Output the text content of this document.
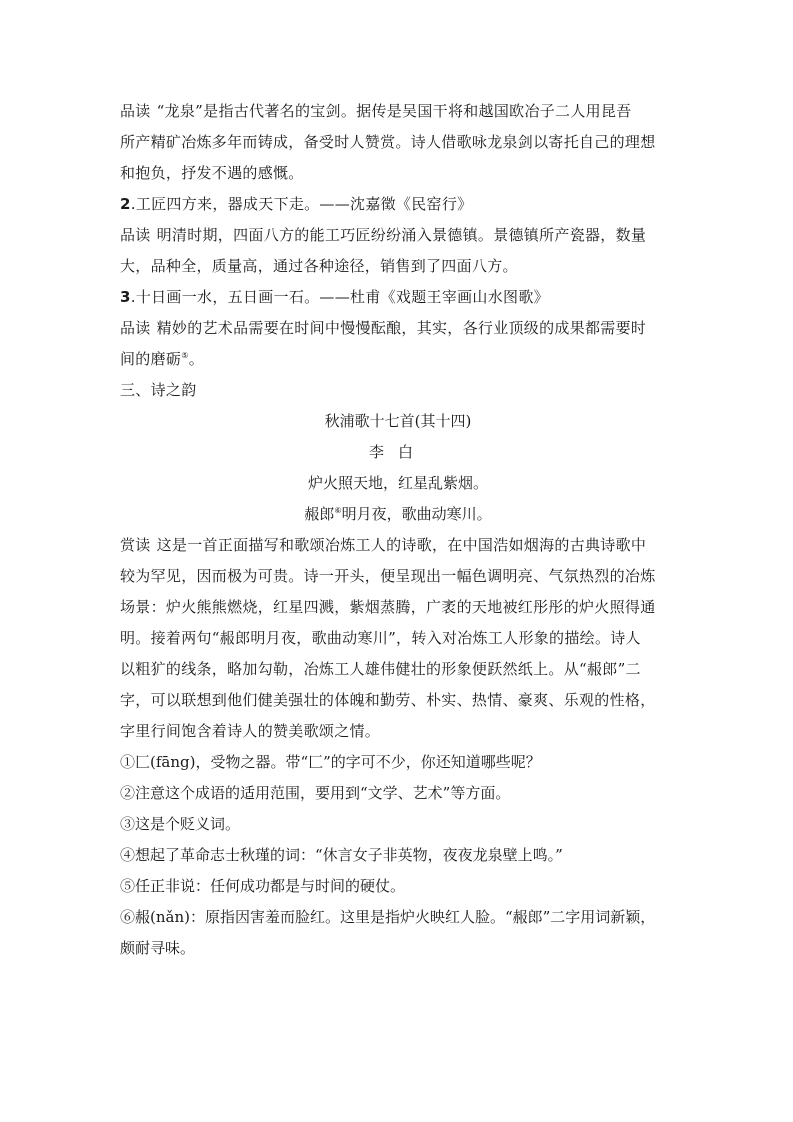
品读 “龙泉”是指古代著名的宝剑。据传是吴国干将和越国欧冶子二人用昆吾
所产精矿冶炼多年而铸成，备受时人赞赏。诗人借歌咏龙泉剑以寄托自己的理想
和抱负，抒发不遇的感慨。

2.工匠四方来，器成天下走。——沈嘉徵《民窑行》

品读 明清时期，四面八方的能工巧匠纷纷涌入景德镇。景德镇所产瓷器，数量
大，品种全，质量高，通过各种途径，销售到了四面八方。

3.十日画一水，五日画一石。——杜甫《戏题王宰画山水图歌》

品读 精妙的艺术品需要在时间中慢慢酝酿，其实，各行业顶级的成果都需要时
间的磨砺⑤。

三、诗之韵

秋浦歌十七首(其十四)

李白

炉火照天地，红星乱紫烟。

赧郎⑥明月夜，歌曲动寒川。

赏读 这是一首正面描写和歌颂冶炼工人的诗歌，在中国浩如烟海的古典诗歌中
较为罕见，因而极为可贵。诗一开头，便呈现出一幅色调明亮、气氛热烈的冶炼
场景：炉火熊熊燃烧，红星四溅，紫烟蒸腾，广袤的天地被红彤彤的炉火照得通
明。接着两句“赧郎明月夜，歌曲动寒川”，转入对冶炼工人形象的描绘。诗人
以粗犷的线条，略加勾勒，冶炼工人雄伟健壮的形象便跃然纸上。从“赧郎”二
字，可以联想到他们健美强壮的体魄和勤劳、朴实、热情、豪爽、乐观的性格，
字里行间饱含着诗人的赞美歌颂之情。

①匚(fāng)，受物之器。带“匚”的字可不少，你还知道哪些呢？

②注意这个成语的适用范围，要用到“文学、艺术”等方面。

③这是个贬义词。

④想起了革命志士秋瑾的词：“休言女子非英物，夜夜龙泉壁上鸣。”

⑤任正非说：任何成功都是与时间的硬仗。

⑥赧(nǎn)：原指因害羞而脸红。这里是指炉火映红人脸。“赧郎”二字用词新颖，
颇耐寻味。
